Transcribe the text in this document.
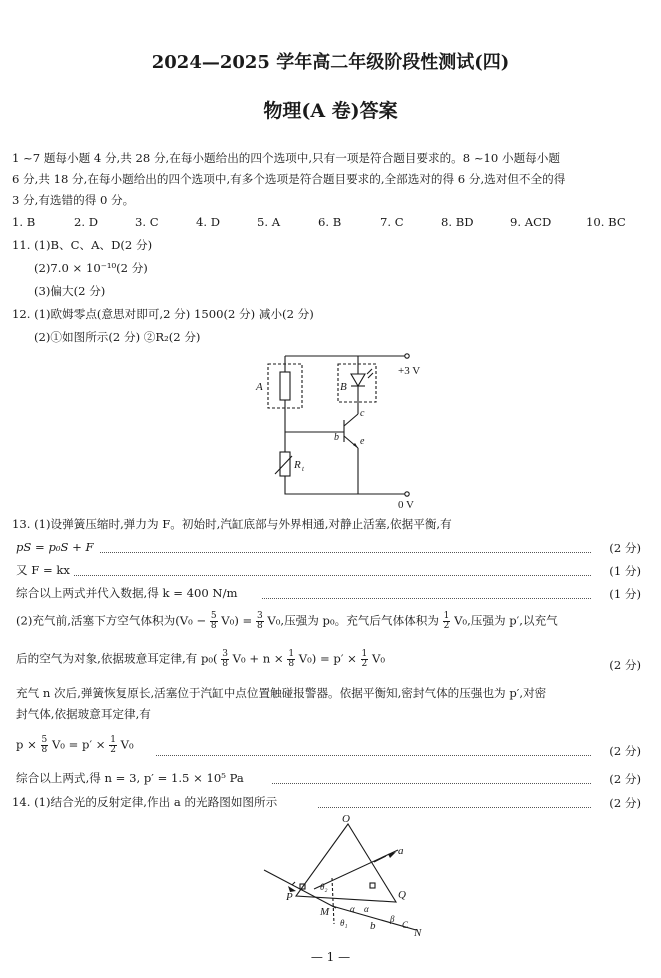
2024—2025 学年高二年级阶段性测试(四)
物理(A 卷)答案
1 ~7 题每小题 4 分,共 28 分,在每小题给出的四个选项中,只有一项是符合题目要求的。8 ~10 小题每小题
6 分,共 18 分,在每小题给出的四个选项中,有多个选项是符合题目要求的,全部选对的得 6 分,选对但不全的得
3 分,有选错的得 0 分。
1. B	2. D	3. C	4. D	5. A	6. B	7. C	8. BD	9. ACD	10. BC
11. (1)B、C、A、D(2 分)
(2)7.0 × 10⁻¹⁰(2 分)
(3)偏大(2 分)
12. (1)欧姆零点(意思对即可,2 分) 1500(2 分) 减小(2 分)
(2)①如图所示(2 分) ②R₂(2 分)
A	B
c
b e
R t
+3 V
0 V
13. (1)设弹簧压缩时,弹力为 F。初始时,汽缸底部与外界相通,对静止活塞,依据平衡,有
pS = p₀S + F	(2 分)
又 F = kx	(1 分)
综合以上两式并代入数据,得 k = 400 N/m	(1 分)
(2)充气前,活塞下方空气体积为$(V_0 - \frac{5}{8} V_0) = \frac{3}{8} V_0$,压强为 p₀。充气后气体体积为 $\frac{1}{2} V_0$,压强为 p′,以充气
后的空气为对象,依据玻意耳定律,有 $p_0( \frac{3}{8} V_0 + n \times \frac{1}{8} V_0) = p' \times \frac{1}{2} V_0$	(2 分)
充气 n 次后,弹簧恢复原长,活塞位于汽缸中点位置触碰报警器。依据平衡知,密封气体的压强也为 p′,对密
封气体,依据玻意耳定律,有
$p \times \frac{5}{8} V_0 = p' \times \frac{1}{2} V_0$	(2 分)
综合以上两式,得 n = 3, p′ = 1.5 × 10⁵ Pa	(2 分)
14. (1)结合光的反射定律,作出 a 的光路图如图所示	(2 分)
O
P	Q
M
N
a
b
θ₂
θ₁
α α
β
C
— 1 —
